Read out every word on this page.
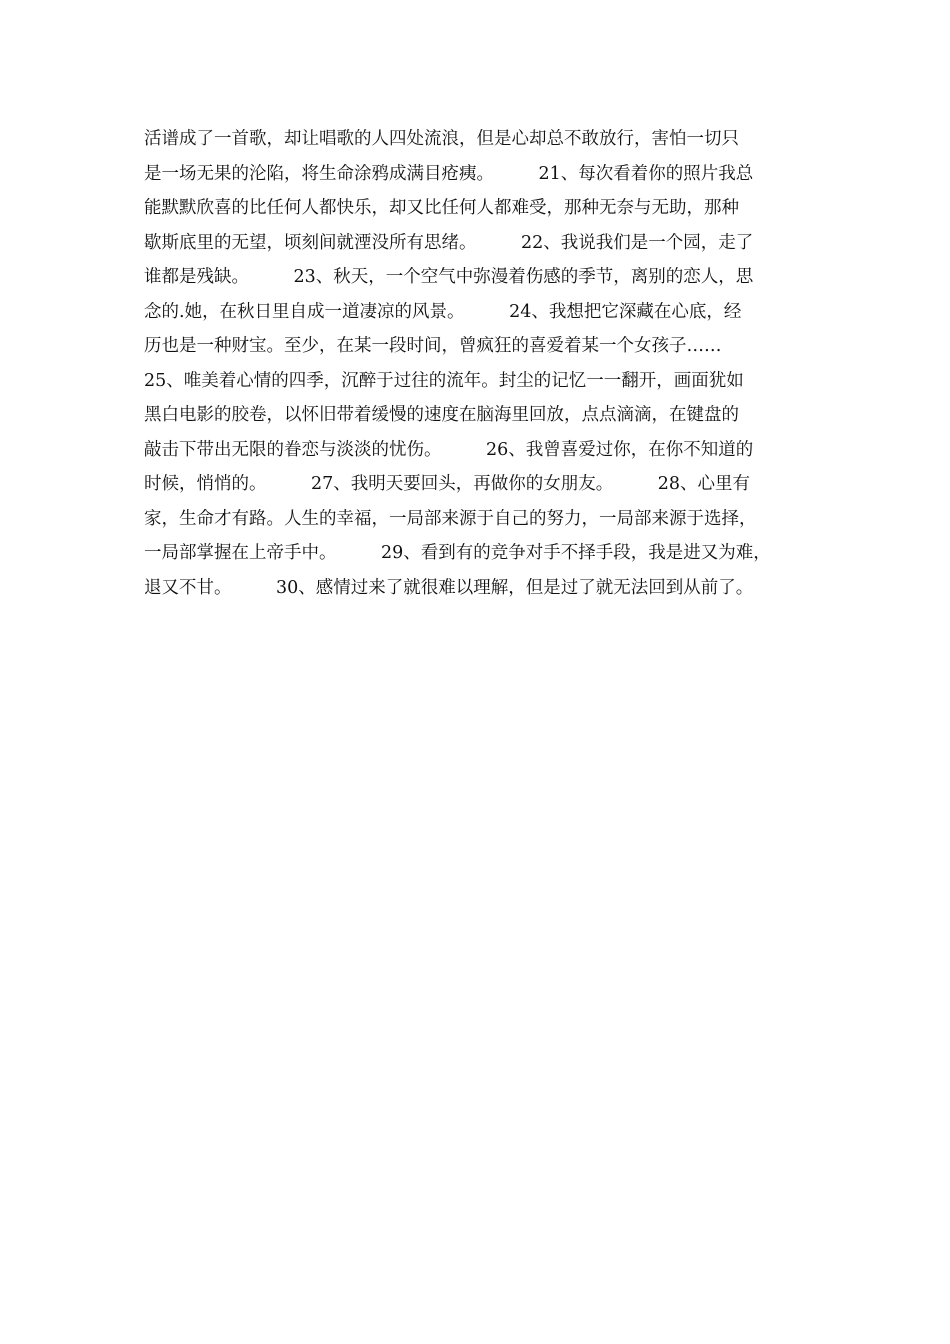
活谱成了一首歌，却让唱歌的人四处流浪，但是心却总不敢放行，害怕一切只
是一场无果的沦陷，将生命涂鸦成满目疮痍。        21、每次看着你的照片我总
能默默欣喜的比任何人都快乐，却又比任何人都难受，那种无奈与无助，那种
歇斯底里的无望，顷刻间就湮没所有思绪。        22、我说我们是一个园，走了
谁都是残缺。        23、秋天，一个空气中弥漫着伤感的季节，离别的恋人，思
念的.她，在秋日里自成一道凄凉的风景。        24、我想把它深藏在心底，经
历也是一种财宝。至少，在某一段时间，曾疯狂的喜爱着某一个女孩子……
25、唯美着心情的四季，沉醉于过往的流年。封尘的记忆一一翻开，画面犹如
黑白电影的胶卷，以怀旧带着缓慢的速度在脑海里回放，点点滴滴，在键盘的
敲击下带出无限的眷恋与淡淡的忧伤。        26、我曾喜爱过你，在你不知道的
时候，悄悄的。        27、我明天要回头，再做你的女朋友。        28、心里有
家，生命才有路。人生的幸福，一局部来源于自己的努力，一局部来源于选择，
一局部掌握在上帝手中。        29、看到有的竞争对手不择手段，我是进又为难，
退又不甘。        30、感情过来了就很难以理解，但是过了就无法回到从前了。
